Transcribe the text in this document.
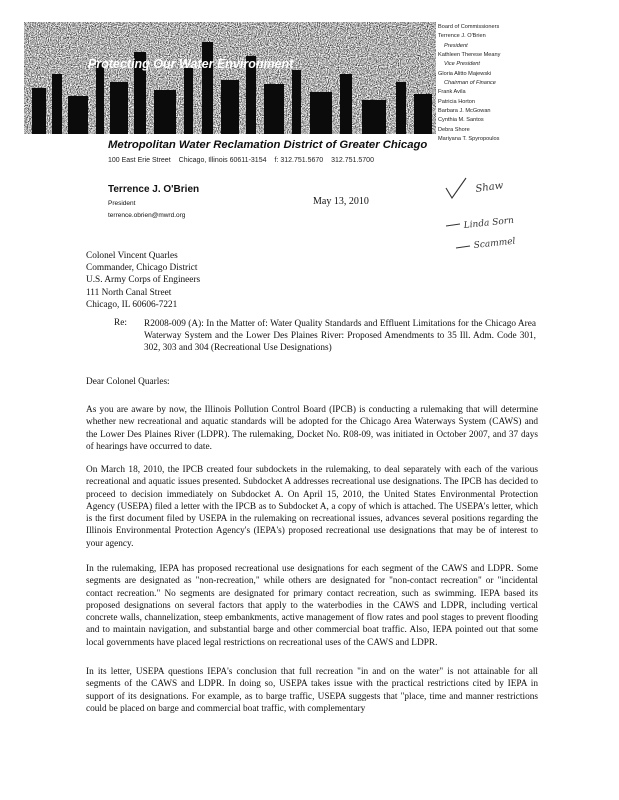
Protecting Our Water Environment
Board of Commissioners
Terrence J. O'Brien
President
Kathleen Therese Meany
Vice President
Gloria Alitto Majewski
Chairman of Finance
Frank Avila
Patricia Horton
Barbara J. McGowan
Cynthia M. Santos
Debra Shore
Mariyana T. Spyropoulos
Metropolitan Water Reclamation District of Greater Chicago
100 East Erie Street Chicago, Illinois 60611-3154 f: 312.751.5670 312.751.5700
Terrence J. O'Brien
President
terrence.obrien@mwrd.org
May 13, 2010
Shaw
Linda Sorn
Scammel
Colonel Vincent Quarles
Commander, Chicago District
U.S. Army Corps of Engineers
111 North Canal Street
Chicago, IL 60606-7221
Re: R2008-009 (A): In the Matter of: Water Quality Standards and Effluent Limitations for the Chicago Area Waterway System and the Lower Des Plaines River: Proposed Amendments to 35 Ill. Adm. Code 301, 302, 303 and 304 (Recreational Use Designations)
Dear Colonel Quarles:
As you are aware by now, the Illinois Pollution Control Board (IPCB) is conducting a rulemaking that will determine whether new recreational and aquatic standards will be adopted for the Chicago Area Waterways System (CAWS) and the Lower Des Plaines River (LDPR). The rulemaking, Docket No. R08-09, was initiated in October 2007, and 37 days of hearings have occurred to date.
On March 18, 2010, the IPCB created four subdockets in the rulemaking, to deal separately with each of the various recreational and aquatic issues presented. Subdocket A addresses recreational use designations. The IPCB has decided to proceed to decision immediately on Subdocket A. On April 15, 2010, the United States Environmental Protection Agency (USEPA) filed a letter with the IPCB as to Subdocket A, a copy of which is attached. The USEPA's letter, which is the first document filed by USEPA in the rulemaking on recreational issues, advances several positions regarding the Illinois Environmental Protection Agency's (IEPA's) proposed recreational use designations that may be of interest to your agency.
In the rulemaking, IEPA has proposed recreational use designations for each segment of the CAWS and LDPR. Some segments are designated as "non-recreation," while others are designated for "non-contact recreation" or "incidental contact recreation." No segments are designated for primary contact recreation, such as swimming. IEPA based its proposed designations on several factors that apply to the waterbodies in the CAWS and LDPR, including vertical concrete walls, channelization, steep embankments, active management of flow rates and pool stages to prevent flooding and to maintain navigation, and substantial barge and other commercial boat traffic. Also, IEPA pointed out that some local governments have placed legal restrictions on recreational uses of the CAWS and LDPR.
In its letter, USEPA questions IEPA's conclusion that full recreation "in and on the water" is not attainable for all segments of the CAWS and LDPR. In doing so, USEPA takes issue with the practical restrictions cited by IEPA in support of its designations. For example, as to barge traffic, USEPA suggests that "place, time and manner restrictions could be placed on barge and commercial boat traffic, with complementary
